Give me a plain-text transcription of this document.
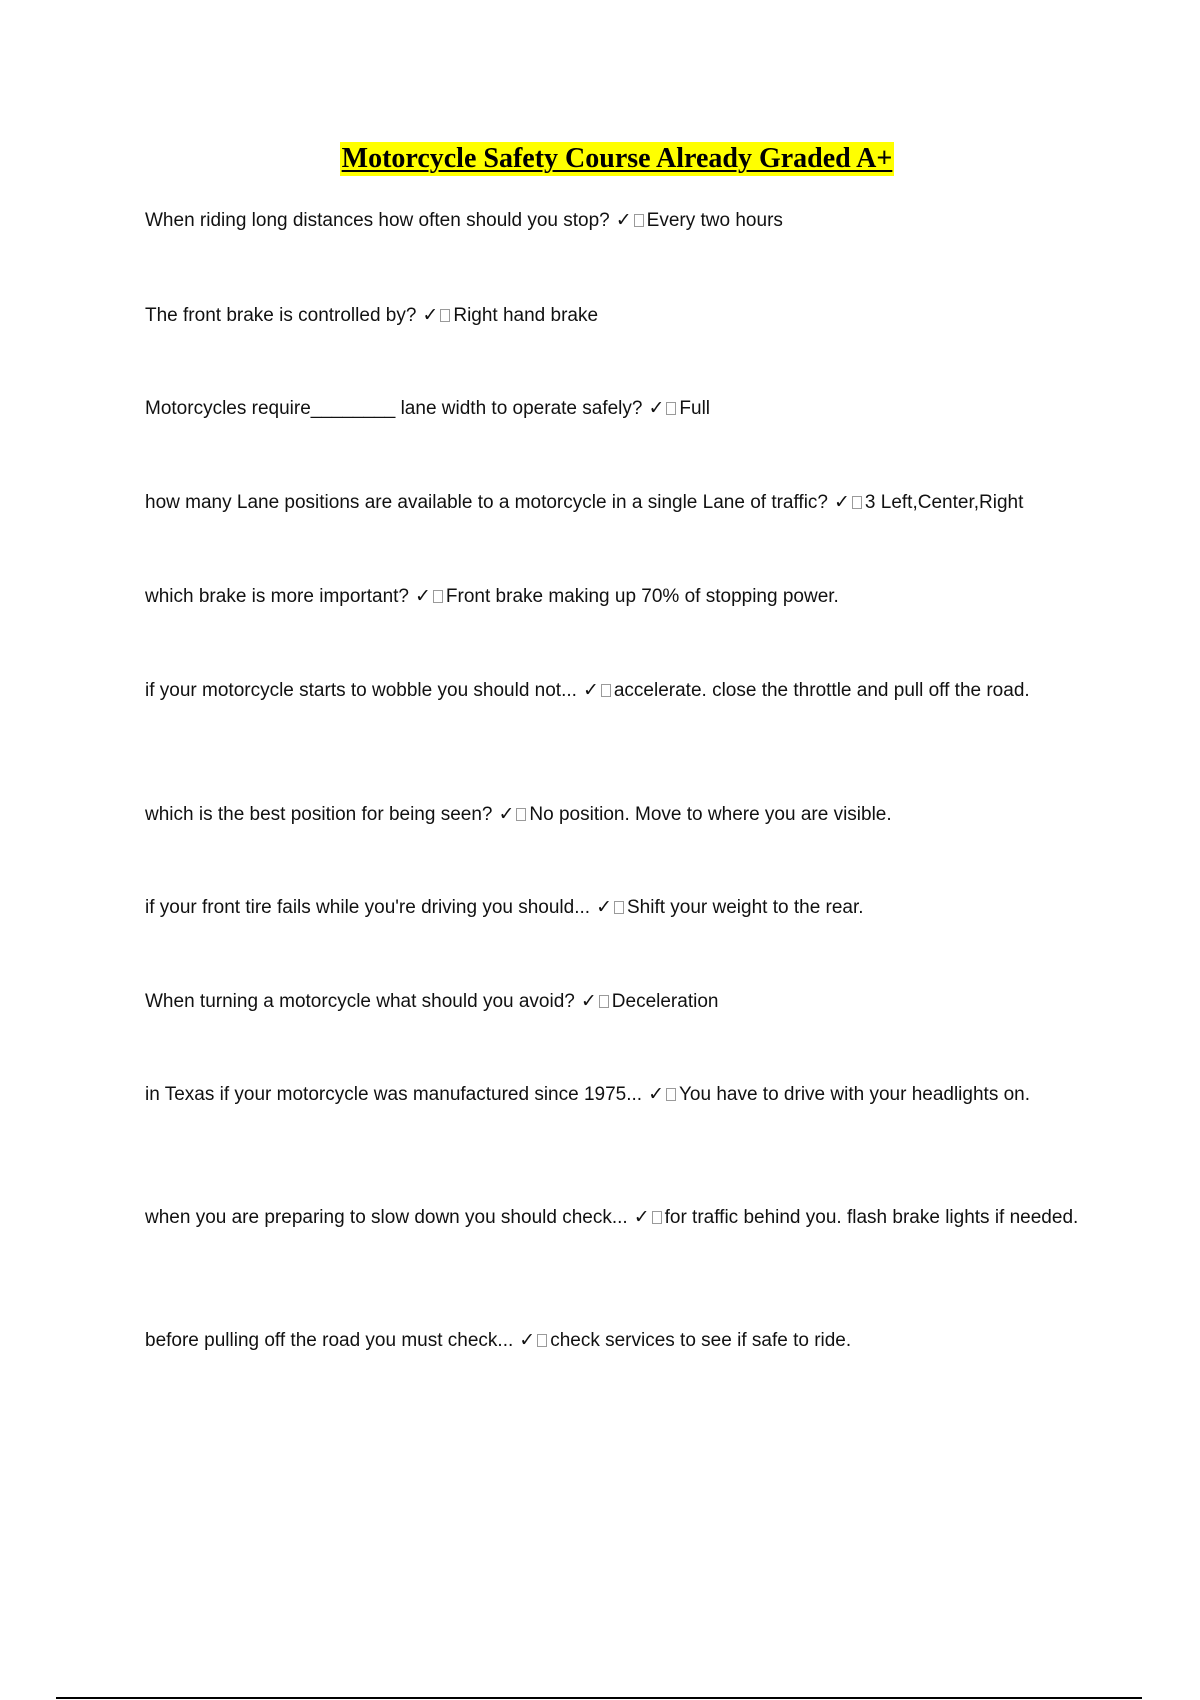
Motorcycle Safety Course Already Graded A+

When riding long distances how often should you stop? ✓ Every two hours

The front brake is controlled by? ✓ Right hand brake

Motorcycles require________ lane width to operate safely? ✓ Full

how many Lane positions are available to a motorcycle in a single Lane of traffic? ✓ 3 Left,Center,Right

which brake is more important? ✓ Front brake making up 70% of stopping power.

if your motorcycle starts to wobble you should not... ✓ accelerate. close the throttle and pull off the road.

which is the best position for being seen? ✓ No position. Move to where you are visible.

if your front tire fails while you're driving you should... ✓ Shift your weight to the rear.

When turning a motorcycle what should you avoid? ✓ Deceleration

in Texas if your motorcycle was manufactured since 1975... ✓ You have to drive with your headlights on.

when you are preparing to slow down you should check... ✓ for traffic behind you. flash brake lights if needed.

before pulling off the road you must check... ✓ check services to see if safe to ride.
